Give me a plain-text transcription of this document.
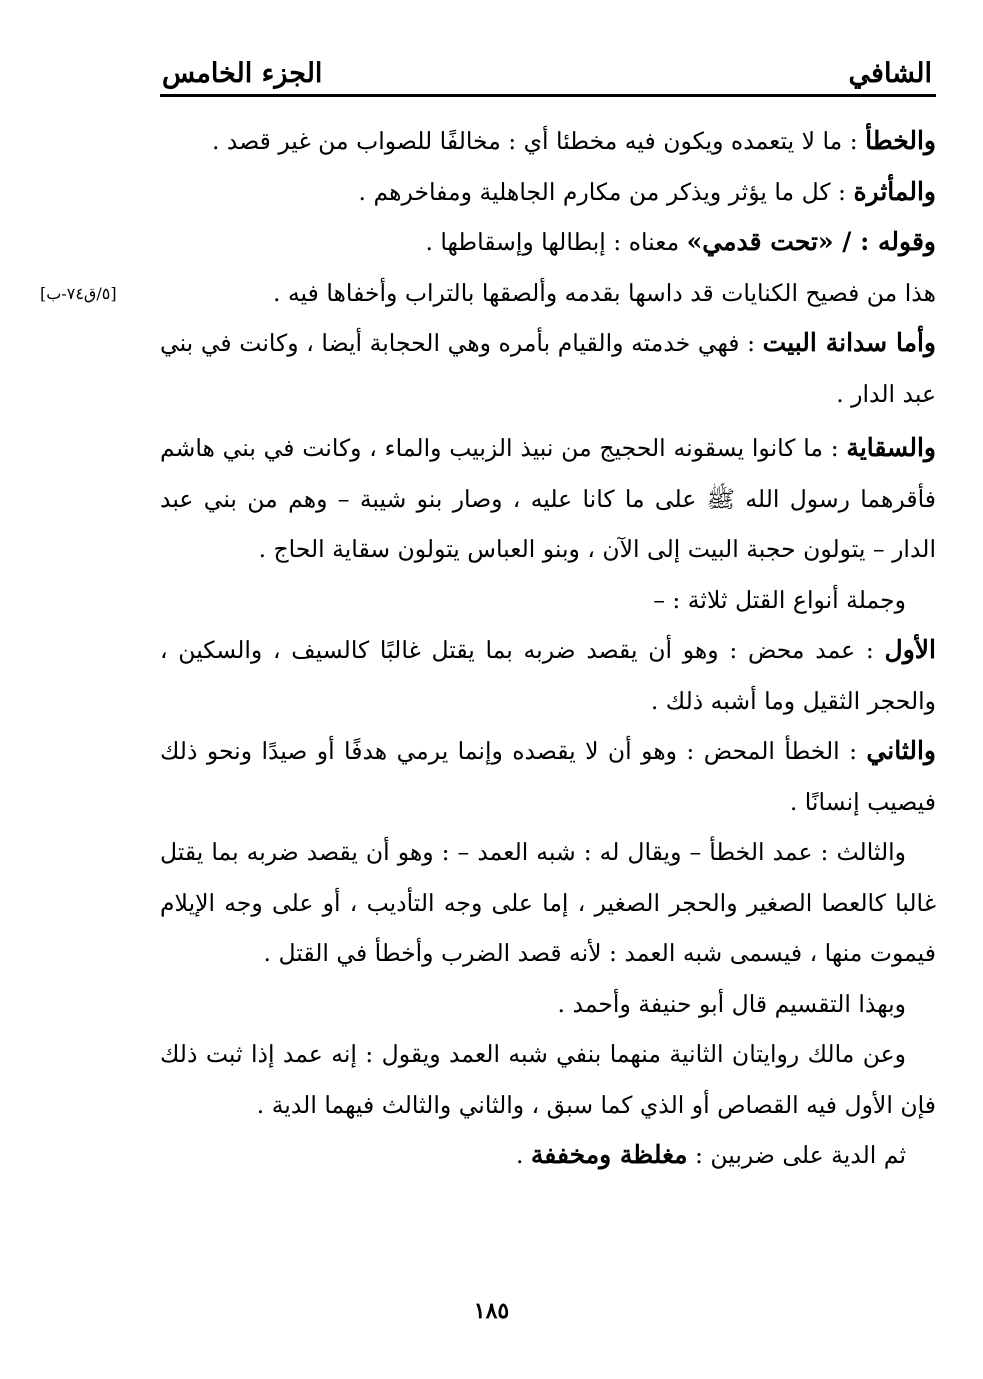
الشافي
الجزء الخامس
[٥/ق٧٤-ب]

والخطأ : ما لا يتعمده ويكون فيه مخطئا أي : مخالفًا للصواب من غير قصد .

والمأثرة : كل ما يؤثر ويذكر من مكارم الجاهلية ومفاخرهم .

وقوله : / «تحت قدمي» معناه : إبطالها وإسقاطها .

هذا من فصيح الكنايات قد داسها بقدمه وألصقها بالتراب وأخفاها فيه .

وأما سدانة البيت : فهي خدمته والقيام بأمره وهي الحجابة أيضا ، وكانت في بني عبد الدار .

والسقاية : ما كانوا يسقونه الحجيج من نبيذ الزبيب والماء ، وكانت في بني هاشم فأقرهما رسول الله ﷺ على ما كانا عليه ، وصار بنو شيبة – وهم من بني عبد الدار – يتولون حجبة البيت إلى الآن ، وبنو العباس يتولون سقاية الحاج .

وجملة أنواع القتل ثلاثة : –

الأول : عمد محض : وهو أن يقصد ضربه بما يقتل غالبًا كالسيف ، والسكين ، والحجر الثقيل وما أشبه ذلك .

والثاني : الخطأ المحض : وهو أن لا يقصده وإنما يرمي هدفًا أو صيدًا ونحو ذلك فيصيب إنسانًا .

والثالث : عمد الخطأ – ويقال له : شبه العمد – : وهو أن يقصد ضربه بما يقتل غالبا كالعصا الصغير والحجر الصغير ، إما على وجه التأديب ، أو على وجه الإيلام فيموت منها ، فيسمى شبه العمد : لأنه قصد الضرب وأخطأ في القتل .

وبهذا التقسيم قال أبو حنيفة وأحمد .

وعن مالك روايتان الثانية منهما بنفي شبه العمد ويقول : إنه عمد إذا ثبت ذلك فإن الأول فيه القصاص أو الذي كما سبق ، والثاني والثالث فيهما الدية .

ثم الدية على ضربين : مغلظة ومخففة .

١٨٥
